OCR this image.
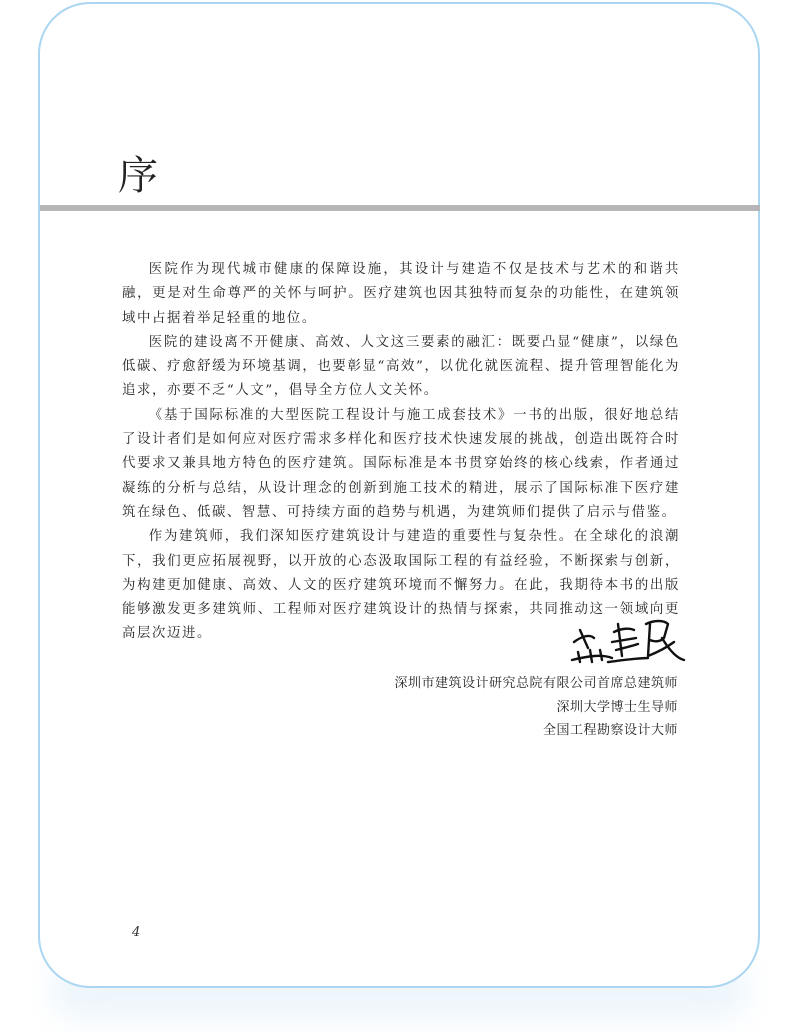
序

医院作为现代城市健康的保障设施，其设计与建造不仅是技术与艺术的和谐共融，更是对生命尊严的关怀与呵护。医疗建筑也因其独特而复杂的功能性，在建筑领域中占据着举足轻重的地位。

医院的建设离不开健康、高效、人文这三要素的融汇：既要凸显“健康”，以绿色低碳、疗愈舒缓为环境基调，也要彰显“高效”，以优化就医流程、提升管理智能化为追求，亦要不乏“人文”，倡导全方位人文关怀。

《基于国际标准的大型医院工程设计与施工成套技术》一书的出版，很好地总结了设计者们是如何应对医疗需求多样化和医疗技术快速发展的挑战，创造出既符合时代要求又兼具地方特色的医疗建筑。国际标准是本书贯穿始终的核心线索，作者通过凝练的分析与总结，从设计理念的创新到施工技术的精进，展示了国际标准下医疗建筑在绿色、低碳、智慧、可持续方面的趋势与机遇，为建筑师们提供了启示与借鉴。

作为建筑师，我们深知医疗建筑设计与建造的重要性与复杂性。在全球化的浪潮下，我们更应拓展视野，以开放的心态汲取国际工程的有益经验，不断探索与创新，为构建更加健康、高效、人文的医疗建筑环境而不懈努力。在此，我期待本书的出版能够激发更多建筑师、工程师对医疗建筑设计的热情与探索，共同推动这一领域向更高层次迈进。

深圳市建筑设计研究总院有限公司首席总建筑师
深圳大学博士生导师
全国工程勘察设计大师
4
